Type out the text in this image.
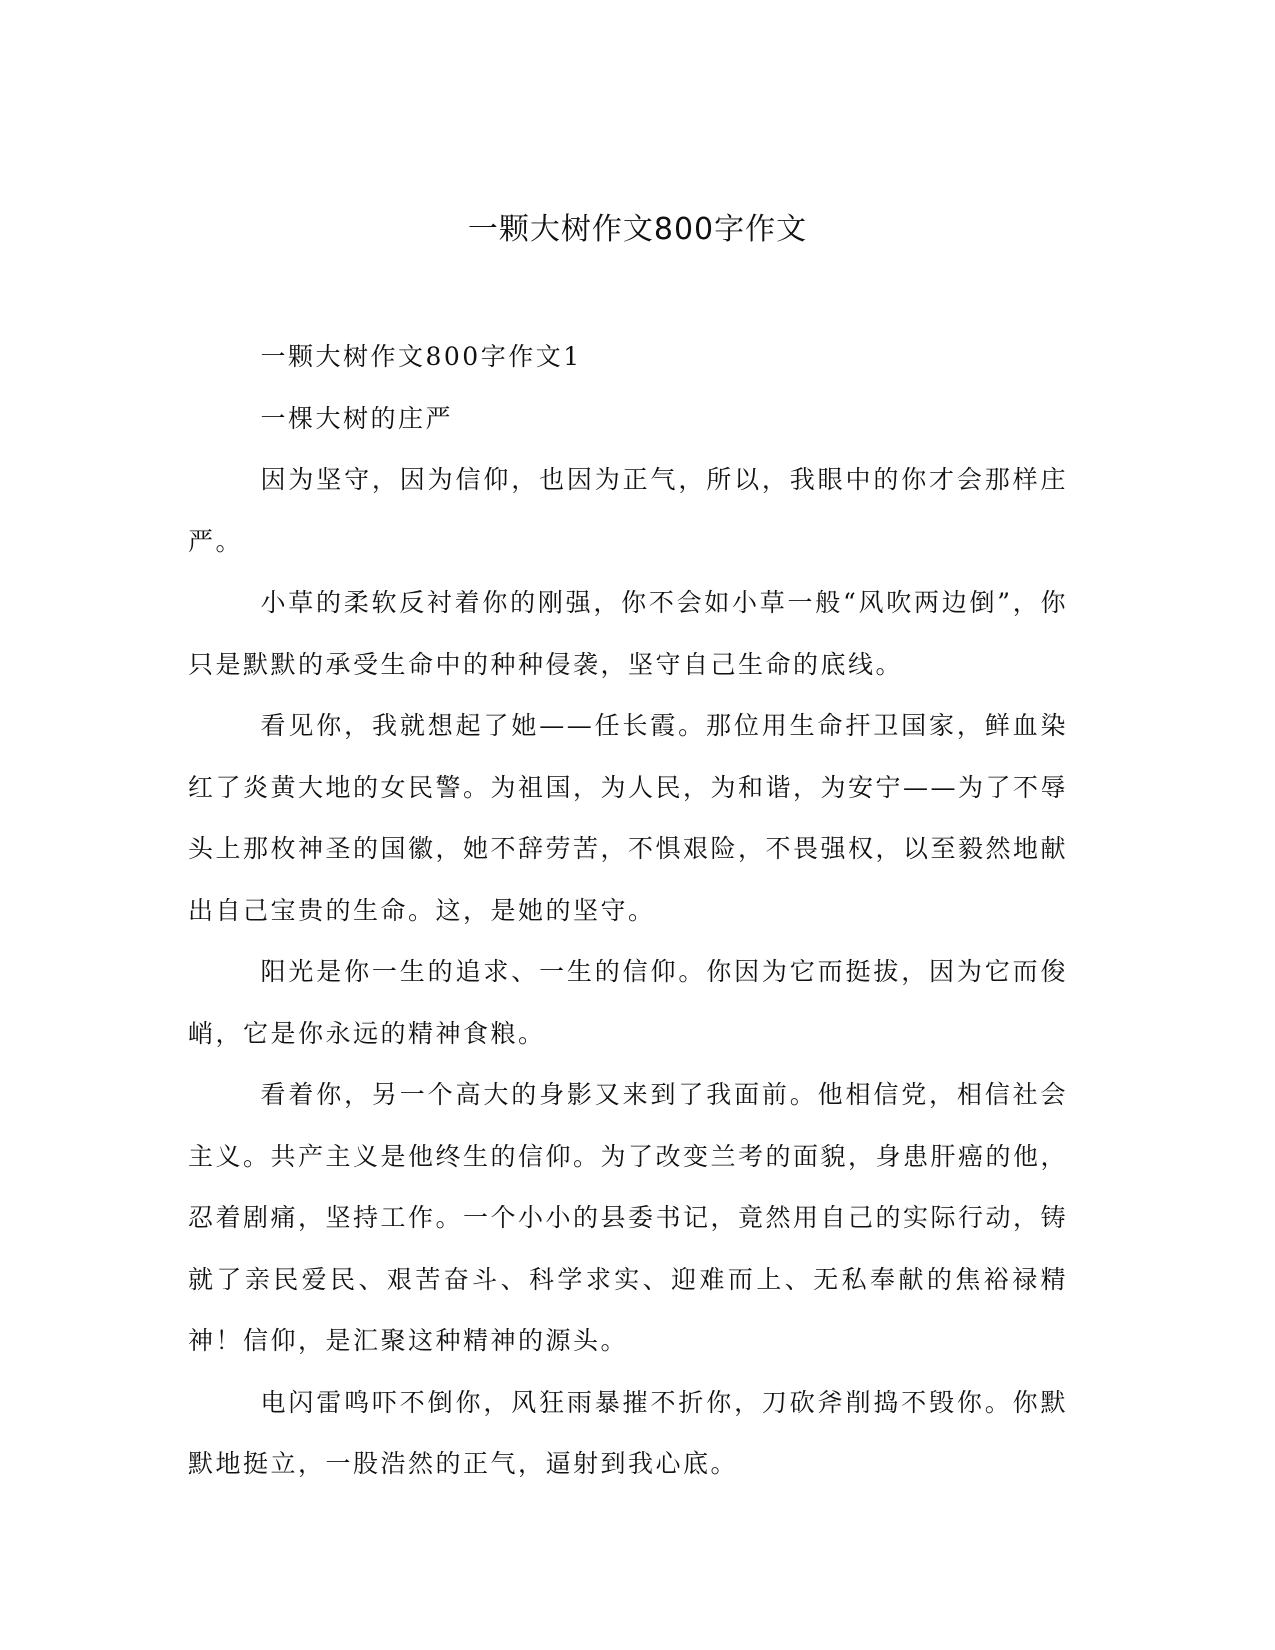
一颗大树作文800字作文

一颗大树作文800字作文1

一棵大树的庄严

因为坚守，因为信仰，也因为正气，所以，我眼中的你才会那样庄严。

小草的柔软反衬着你的刚强，你不会如小草一般“风吹两边倒”，你只是默默的承受生命中的种种侵袭，坚守自己生命的底线。

看见你，我就想起了她——任长霞。那位用生命扞卫国家，鲜血染红了炎黄大地的女民警。为祖国，为人民，为和谐，为安宁——为了不辱头上那枚神圣的国徽，她不辞劳苦，不惧艰险，不畏强权，以至毅然地献出自己宝贵的生命。这，是她的坚守。

阳光是你一生的追求、一生的信仰。你因为它而挺拔，因为它而俊峭，它是你永远的精神食粮。

看着你，另一个高大的身影又来到了我面前。他相信党，相信社会主义。共产主义是他终生的信仰。为了改变兰考的面貌，身患肝癌的他，忍着剧痛，坚持工作。一个小小的县委书记，竟然用自己的实际行动，铸就了亲民爱民、艰苦奋斗、科学求实、迎难而上、无私奉献的焦裕禄精神！信仰，是汇聚这种精神的源头。

电闪雷鸣吓不倒你，风狂雨暴摧不折你，刀砍斧削捣不毁你。你默默地挺立，一股浩然的正气，逼射到我心底。
